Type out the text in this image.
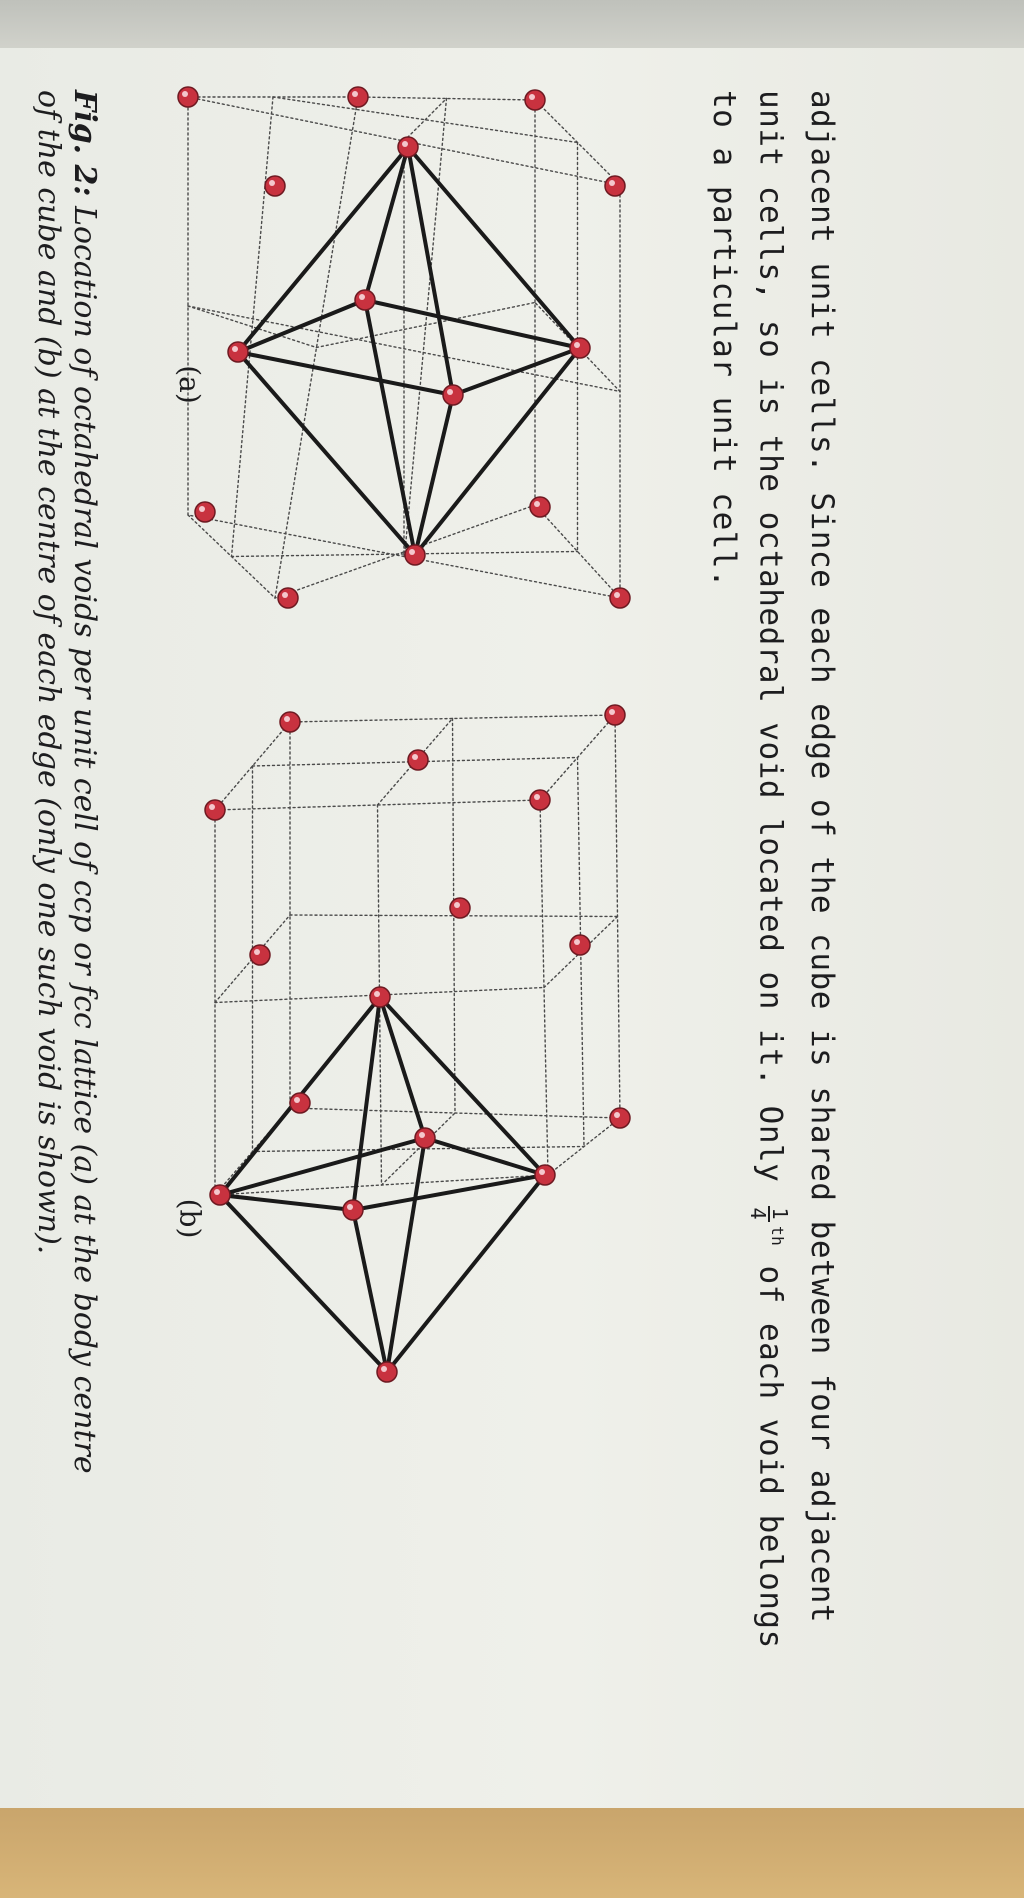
adjacent unit cells. Since each edge of the cube is shared between four adjacent
unit cells, so is the octahedral void located on it. Only
1
4
$^{th}$ of each void belongs
to a particular unit cell.
Fig. 2: Location of octahedral voids per unit cell of ccp or fcc lattice (a) at the body centre
of the cube and (b) at the centre of each edge (only one such void is shown).	(a)
(b)
